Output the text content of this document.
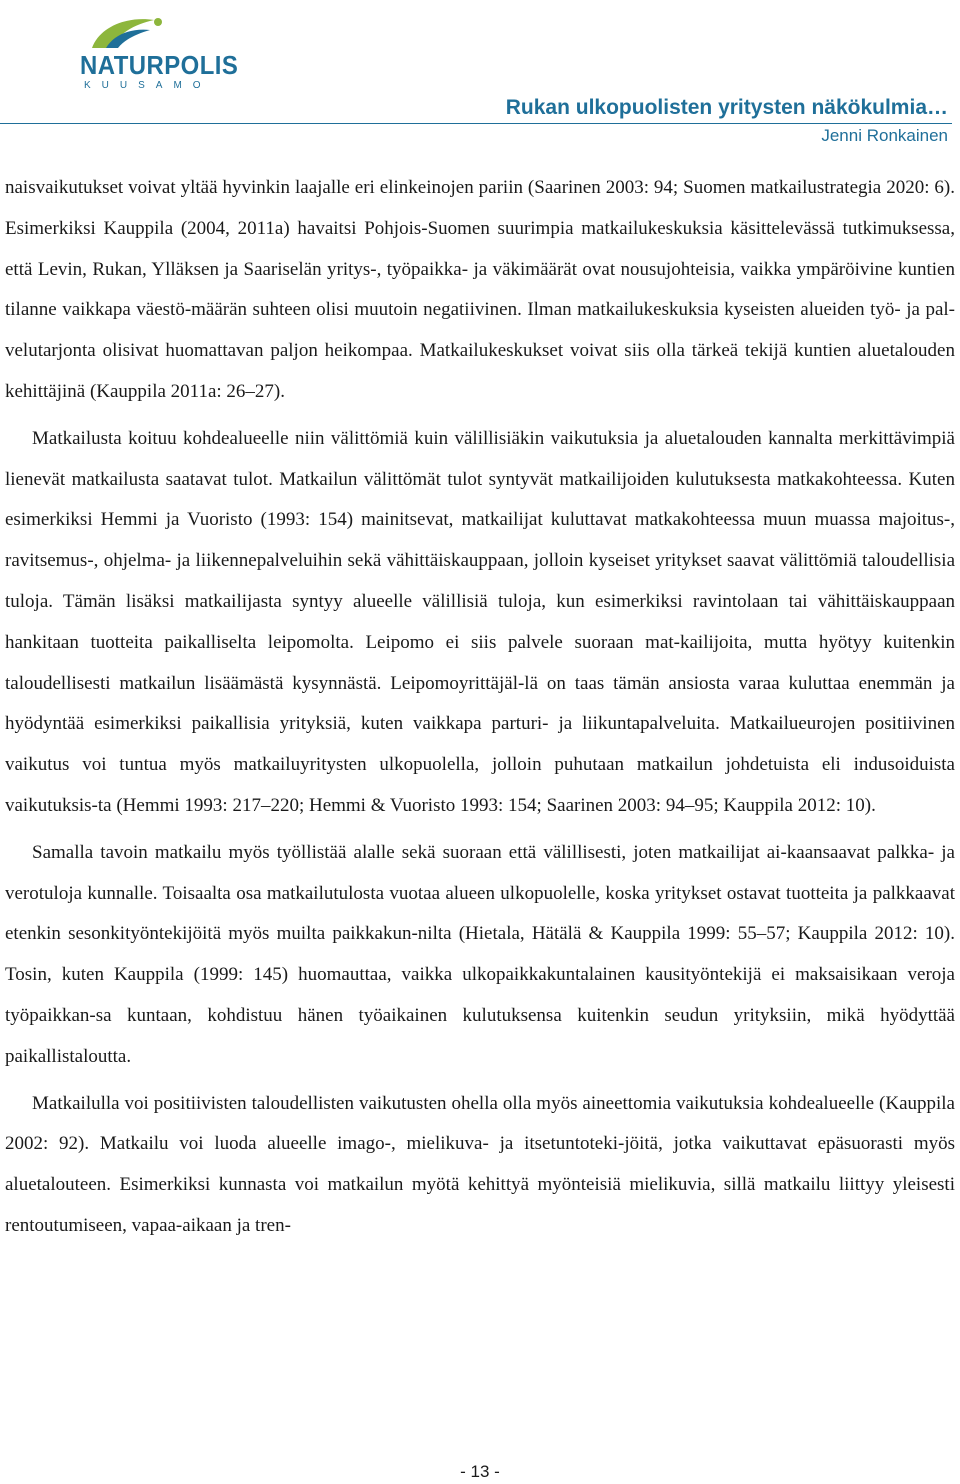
NATURPOLIS
KUUSAMO
Rukan ulkopuolisten yritysten näkökulmia…
Jenni Ronkainen

naisvaikutukset voivat yltää hyvinkin laajalle eri elinkeinojen pariin (Saarinen 2003: 94; Suomen matkailustrategia 2020: 6). Esimerkiksi Kauppila (2004, 2011a) havaitsi Pohjois-Suomen suurimpia matkailukeskuksia käsittelevässä tutkimuksessa, että Levin, Rukan, Ylläksen ja Saariselän yritys-, työpaikka- ja väkimäärät ovat nousujohteisia, vaikka ympäröivine kuntien tilanne vaikkapa väestö-määrän suhteen olisi muutoin negatiivinen. Ilman matkailukeskuksia kyseisten alueiden työ- ja pal-velutarjonta olisivat huomattavan paljon heikompaa. Matkailukeskukset voivat siis olla tärkeä tekijä kuntien aluetalouden kehittäjinä (Kauppila 2011a: 26–27).

Matkailusta koituu kohdealueelle niin välittömiä kuin välillisiäkin vaikutuksia ja aluetalouden kannalta merkittävimpiä lienevät matkailusta saatavat tulot. Matkailun välittömät tulot syntyvät matkailijoiden kulutuksesta matkakohteessa. Kuten esimerkiksi Hemmi ja Vuoristo (1993: 154) mainitsevat, matkailijat kuluttavat matkakohteessa muun muassa majoitus-, ravitsemus-, ohjelma- ja liikennepalveluihin sekä vähittäiskauppaan, jolloin kyseiset yritykset saavat välittömiä taloudellisia tuloja. Tämän lisäksi matkailijasta syntyy alueelle välillisiä tuloja, kun esimerkiksi ravintolaan tai vähittäiskauppaan hankitaan tuotteita paikalliselta leipomolta. Leipomo ei siis palvele suoraan mat-kailijoita, mutta hyötyy kuitenkin taloudellisesti matkailun lisäämästä kysynnästä. Leipomoyrittäjäl-lä on taas tämän ansiosta varaa kuluttaa enemmän ja hyödyntää esimerkiksi paikallisia yrityksiä, kuten vaikkapa parturi- ja liikuntapalveluita. Matkailueurojen positiivinen vaikutus voi tuntua myös matkailuyritysten ulkopuolella, jolloin puhutaan matkailun johdetuista eli indusoiduista vaikutuksis-ta (Hemmi 1993: 217–220; Hemmi & Vuoristo 1993: 154; Saarinen 2003: 94–95; Kauppila 2012: 10).

Samalla tavoin matkailu myös työllistää alalle sekä suoraan että välillisesti, joten matkailijat ai-kaansaavat palkka- ja verotuloja kunnalle. Toisaalta osa matkailutulosta vuotaa alueen ulkopuolelle, koska yritykset ostavat tuotteita ja palkkaavat etenkin sesonkityöntekijöitä myös muilta paikkakun-nilta (Hietala, Hätälä & Kauppila 1999: 55–57; Kauppila 2012: 10). Tosin, kuten Kauppila (1999: 145) huomauttaa, vaikka ulkopaikkakuntalainen kausityöntekijä ei maksaisikaan veroja työpaikkan-sa kuntaan, kohdistuu hänen työaikainen kulutuksensa kuitenkin seudun yrityksiin, mikä hyödyttää paikallistaloutta.

Matkailulla voi positiivisten taloudellisten vaikutusten ohella olla myös aineettomia vaikutuksia kohdealueelle (Kauppila 2002: 92). Matkailu voi luoda alueelle imago-, mielikuva- ja itsetuntoteki-jöitä, jotka vaikuttavat epäsuorasti myös aluetalouteen. Esimerkiksi kunnasta voi matkailun myötä kehittyä myönteisiä mielikuvia, sillä matkailu liittyy yleisesti rentoutumiseen, vapaa-aikaan ja tren-

- 13 -
